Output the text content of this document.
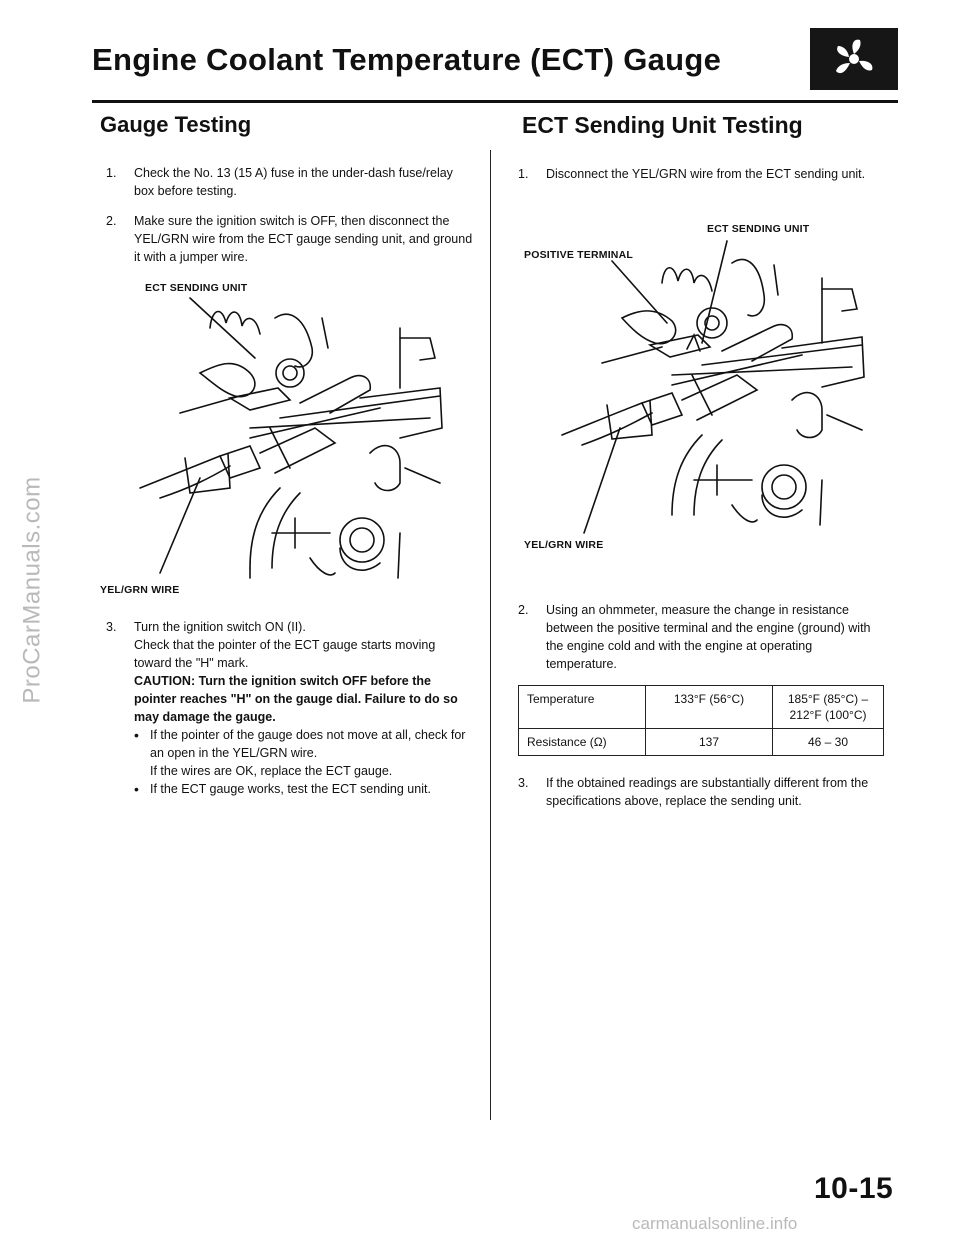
ProCarManuals.com
Engine Coolant Temperature (ECT) Gauge
Gauge Testing
1.	Check the No. 13 (15 A) fuse in the under-dash fuse/relay box before testing.

2.	Make sure the ignition switch is OFF, then disconnect the YEL/GRN wire from the ECT gauge sending unit, and ground it with a jumper wire.

ECT SENDING UNIT
YEL/GRN WIRE
3.	Turn the ignition switch ON (II).

Check that the pointer of the ECT gauge starts moving toward the "H" mark.

CAUTION: Turn the ignition switch OFF before the pointer reaches "H" on the gauge dial. Failure to do so may damage the gauge.

• If the pointer of the gauge does not move at all, check for an open in the YEL/GRN wire.
If the wires are OK, replace the ECT gauge.
• If the ECT gauge works, test the ECT sending unit.
ECT Sending Unit Testing
1.	Disconnect the YEL/GRN wire from the ECT sending unit.

ECT SENDING UNIT
POSITIVE TERMINAL
YEL/GRN WIRE
2.	Using an ohmmeter, measure the change in resistance between the positive terminal and the engine (ground) with the engine cold and with the engine at operating temperature.

Temperature	133°F (56°C)	185°F (85°C) – 212°F (100°C)
Resistance (Ω)	137	46 – 30
3.	If the obtained readings are substantially different from the specifications above, replace the sending unit.

10-15
carmanualsonline.info
